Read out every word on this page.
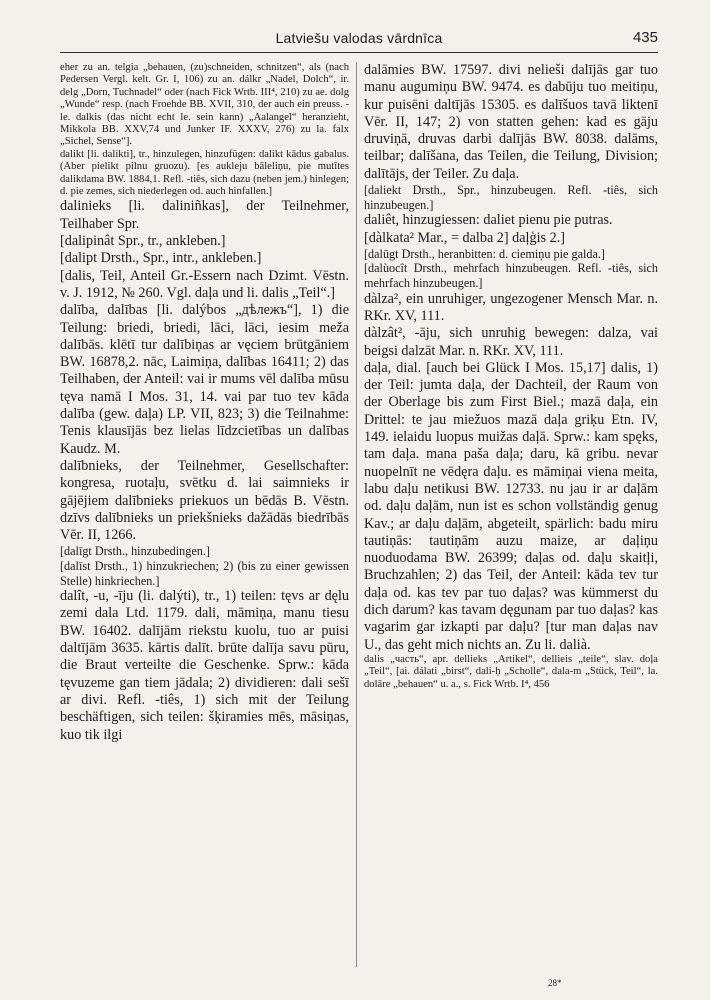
Latviešu valodas vārdnīca	435

eher zu an. telgia „behauen, (zu)schneiden, schnitzen“, als (nach Pedersen Vergl. kelt. Gr. I, 106) zu an. dálkr „Nadel, Dolch“, ir. delg „Dorn, Tuchnadel“ oder (nach Fick Wrtb. III⁴, 210) zu ae. dolg „Wunde“ resp. (nach Froehde BB. XVII, 310, der auch ein preuss. -le. dalkis (das nicht echt le. sein kann) „Aalangel“ heranzieht, Mikkola BB. XXV,74 und Junker IF. XXXV, 276) zu la. falx „Sichel, Sense“].

dalikt [li. dalìkti], tr., hinzulegen, hinzufügen: dalikt kādus gabalus. (Aber pielikt pilnu gruozu). [es aukleju bāleliņu, pie mutītes dalikdama BW. 1884,1. Refl. -tiês, sich dazu (neben jem.) hinlegen; d. pie zemes, sich niederlegen od. auch hinfallen.]

dalinieks [li. daliniñkas], der Teilnehmer, Teilhaber Spr.

[dalipinât Spr., tr., ankleben.]

[dalipt Drsth., Spr., intr., ankleben.]

[dalis, Teil, Anteil Gr.-Essern nach Dzimt. Vēstn. v. J. 1912, № 260. Vgl. daļa und li. dalis „Teil“.]

dalība, dalības [li. dalýbos „дѣлежъ“], 1) die Teilung: briedi, briedi, lāci, lāci, iesim meža dalībās. klētī tur dalībiņas ar vęciem brūtgāniem BW. 16878,2. nāc, Laimiņa, dalības 16411; 2) das Teilhaben, der Anteil: vai ir mums vēl dalība mūsu tęva namā I Mos. 31, 14. vai par tuo tev kāda dalība (gew. daļa) LP. VII, 823; 3) die Teilnahme: Tenis klausījās bez lielas līdzcietības un dalības Kaudz. M.

dalībnieks, der Teilnehmer, Gesellschafter: kongresa, ruotaļu, svētku d. lai saimnieks ir gājējiem dalībnieks priekuos un bēdās B. Vēstn. dzīvs dalībnieks un priekšnieks dažādās biedrībās Vēr. II, 1266.

[dalīgt Drsth., hinzubedingen.]

[dalīst Drsth., 1) hinzukriechen; 2) (bis zu einer gewissen Stelle) hinkriechen.]

dalît, -u, -īju (li. dalýti), tr., 1) teilen: tęvs ar dęlu zemi dala Ltd. 1179. dali, māmiņa, manu tiesu BW. 16402. dalījām riekstu kuolu, tuo ar puisi daltījām 3635. kārtis dalīt. brūte dalīja savu pūru, die Braut verteilte die Geschenke. Sprw.: kāda tęvuzeme gan tiem jādala; 2) dividieren: dali sešī ar divi. Refl. -tiês, 1) sich mit der Teilung beschäftigen, sich teilen: šķiramies mēs, māsiņas, kuo tik ilgi

dalāmies BW. 17597. divi nelieši dalījās gar tuo manu augumiņu BW. 9474. es dabūju tuo meitiņu, kur puisēni daltījās 15305. es dalīšuos tavā liktenī Vēr. II, 147; 2) von statten gehen: kad es gāju druviņā, druvas darbi dalījās BW. 8038. dalāms, teilbar; dalīšana, das Teilen, die Teilung, Division; dalītājs, der Teiler. Zu daļa.

[daliekt Drsth., Spr., hinzubeugen. Refl. -tiês, sich hinzubeugen.]

daliêt, hinzugiessen: daliet pienu pie putras.

[dàlkata² Mar., = dalba 2] daļģis 2.]

[dalūgt Drsth., heranbitten: d. ciemiņu pie galda.]

[dalùocît Drsth., mehrfach hinzubeugen. Refl. -tiês, sich mehrfach hinzubeugen.]

dàlza², ein unruhiger, ungezogener Mensch Mar. n. RKr. XV, 111.

dàlzât², -āju, sich unruhig bewegen: dalza, vai beigsi dalzāt Mar. n. RKr. XV, 111.

daļa, dial. [auch bei Glück I Mos. 15,17] dalis, 1) der Teil: jumta daļa, der Dachteil, der Raum von der Oberlage bis zum First Biel.; mazā daļa, ein Drittel: te jau miežuos mazā daļa griķu Etn. IV, 149. ielaidu luopus muižas daļā. Sprw.: kam spęks, tam daļa. mana paša daļa; daru, kā gribu. nevar nuopelnīt ne vēdęra daļu. es māmiņai viena meita, labu daļu netikusi BW. 12733. nu jau ir ar daļām od. daļu daļām, nun ist es schon vollständig genug Kav.; ar daļu daļām, abgeteilt, spärlich: badu miru tautiņās: tautiņām auzu maize, ar daļiņu nuoduodama BW. 26399; daļas od. daļu skaitļi, Bruchzahlen; 2) das Teil, der Anteil: kāda tev tur daļa od. kas tev par tuo daļas? was kümmerst du dich darum? kas tavam dęgunam par tuo daļas? kas vagarim gar izkapti par daļu? [tur man daļas nav U., das geht mich nichts an. Zu li. dalià.

dalis „часть“, apr. dellieks „Artikel“, dellieis „teile“, slav. doļa „Teil“, [ai. dálati „birst“, dali-ḥ „Scholle“, dala-m „Stück, Teil“, la. dolāre „behauen“ u. a., s. Fick Wrtb. I⁴, 456

28*
